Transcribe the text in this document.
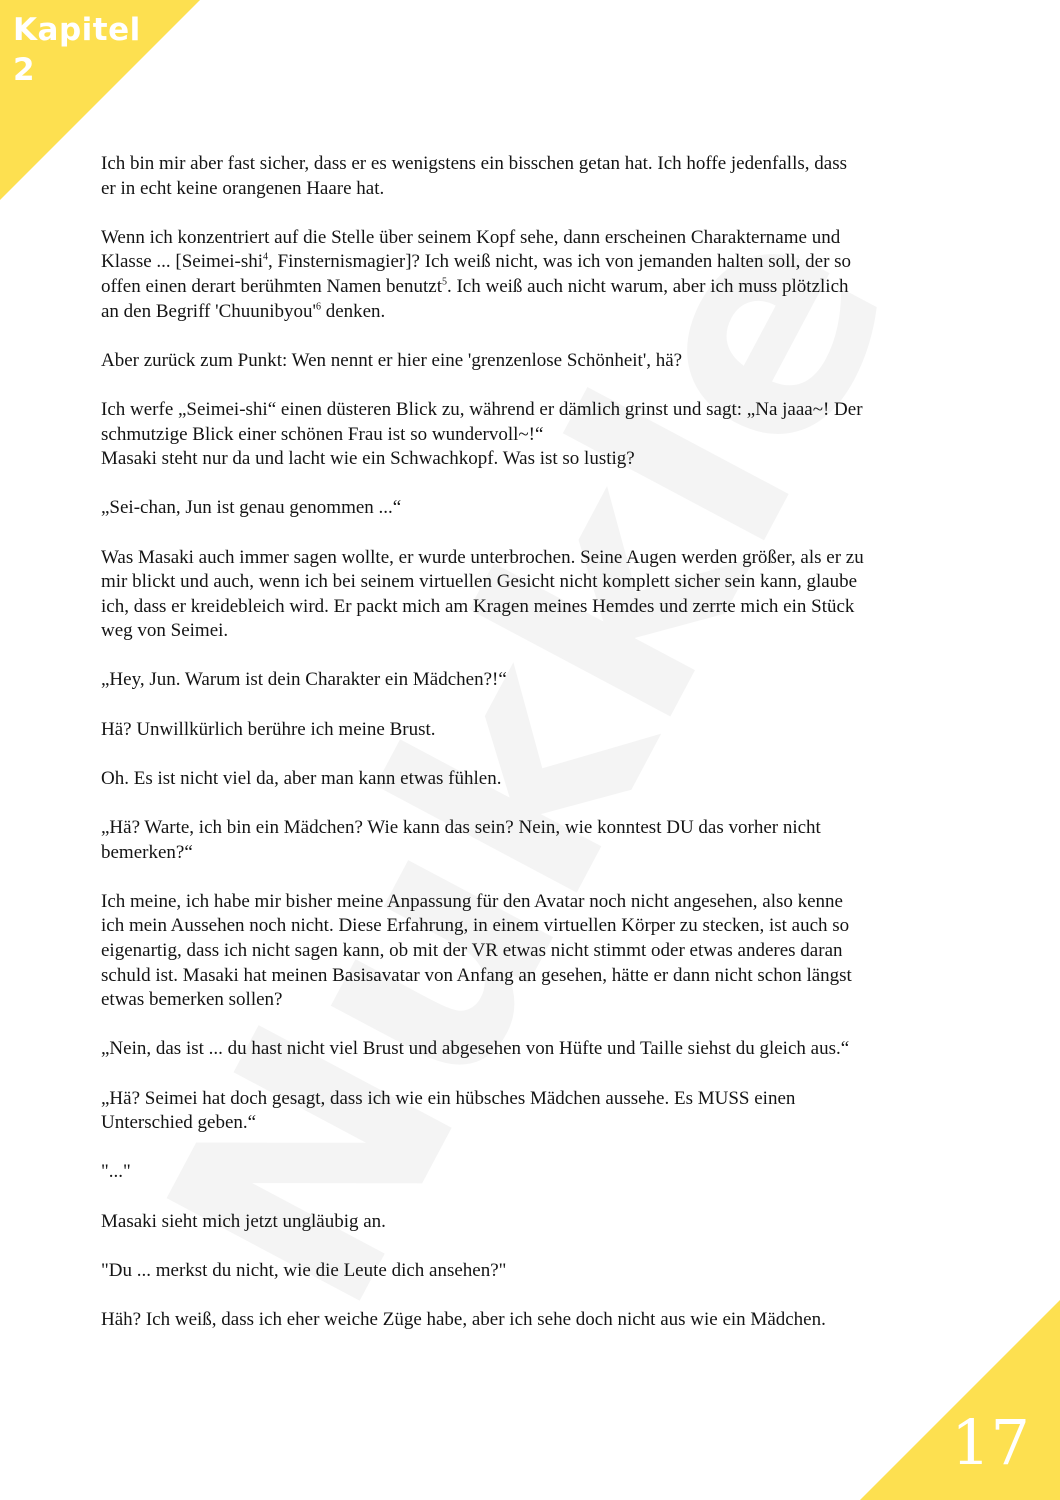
Kapitel
2

Ich bin mir aber fast sicher, dass er es wenigstens ein bisschen getan hat. Ich hoffe jedenfalls, dass
er in echt keine orangenen Haare hat.

Wenn ich konzentriert auf die Stelle über seinem Kopf sehe, dann erscheinen Charaktername und
Klasse ... [Seimei-shi$^4$, Finsternismagier]? Ich weiß nicht, was ich von jemanden halten soll, der so
offen einen derart berühmten Namen benutzt$^5$. Ich weiß auch nicht warum, aber ich muss plötzlich
an den Begriff '$Chuunibyou'^6$ denken.

Aber zurück zum Punkt: Wen nennt er hier eine 'grenzenlose Schönheit', hä?

Ich werfe „Seimei-shi“ einen düsteren Blick zu, während er dämlich grinst und sagt: „Na jaaa~! Der
schmutzige Blick einer schönen Frau ist so wundervoll~!“
Masaki steht nur da und lacht wie ein Schwachkopf. Was ist so lustig?

„Sei-chan, Jun ist genau genommen ...“

Was Masaki auch immer sagen wollte, er wurde unterbrochen. Seine Augen werden größer, als er zu
mir blickt und auch, wenn ich bei seinem virtuellen Gesicht nicht komplett sicher sein kann, glaube
ich, dass er kreidebleich wird. Er packt mich am Kragen meines Hemdes und zerrte mich ein Stück
weg von Seimei.

„Hey, Jun. Warum ist dein Charakter ein Mädchen?!“

Hä? Unwillkürlich berühre ich meine Brust.

Oh. Es ist nicht viel da, aber man kann etwas fühlen.

„Hä? Warte, ich bin ein Mädchen? Wie kann das sein? Nein, wie konntest DU das vorher nicht
bemerken?“

Ich meine, ich habe mir bisher meine Anpassung für den Avatar noch nicht angesehen, also kenne
ich mein Aussehen noch nicht. Diese Erfahrung, in einem virtuellen Körper zu stecken, ist auch so
eigenartig, dass ich nicht sagen kann, ob mit der VR etwas nicht stimmt oder etwas anderes daran
schuld ist. Masaki hat meinen Basisavatar von Anfang an gesehen, hätte er dann nicht schon längst
etwas bemerken sollen?

„Nein, das ist ... du hast nicht viel Brust und abgesehen von Hüfte und Taille siehst du gleich aus.“

„Hä? Seimei hat doch gesagt, dass ich wie ein hübsches Mädchen aussehe. Es MUSS einen
Unterschied geben.“

"..."

Masaki sieht mich jetzt ungläubig an.

"Du ... merkst du nicht, wie die Leute dich ansehen?"

Häh? Ich weiß, dass ich eher weiche Züge habe, aber ich sehe doch nicht aus wie ein Mädchen.

17
